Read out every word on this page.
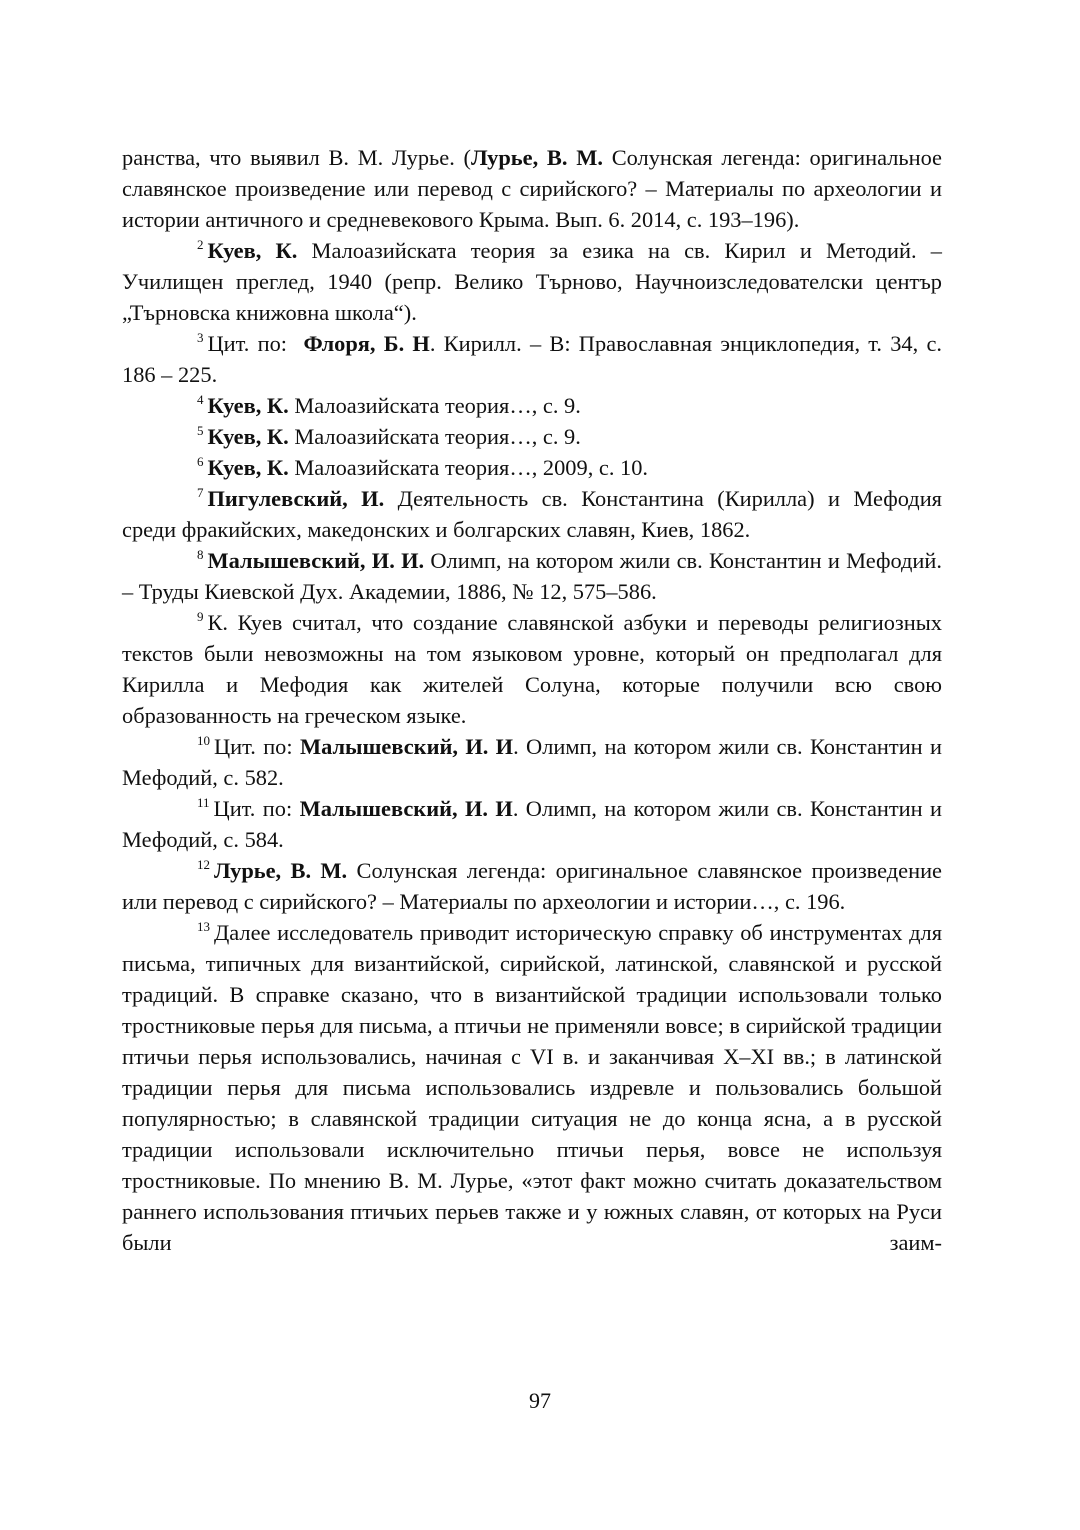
ранства, что выявил В. М. Лурье. (Лурье, В. М. Солунская легенда: оригинальное славянское произведение или перевод с сирийского? – Материалы по археологии и истории античного и средневекового Крыма. Вып. 6. 2014, с. 193–196).

$^2$ Куев, К. Малоазийската теория за езика на св. Кирил и Методий. – Училищен преглед, 1940 (репр. Велико Търново, Научноизследователски център „Търновска книжовна школа“).

$^3$ Цит. по:  Флоря, Б. Н. Кирилл. – В: Православная энциклопедия, т. 34, с. 186 – 225.

$^4$ Куев, К. Малоазийската теория…, с. 9.

$^5$ Куев, К. Малоазийската теория…, с. 9.

$^6$ Куев, К. Малоазийската теория…, 2009, с. 10.

$^7$ Пигулевский, И. Деятельность св. Константина (Кирилла) и Мефодия среди фракийских, македонских и болгарских славян, Киев, 1862.

$^8$ Малышевский, И. И. Олимп, на котором жили св. Константин и Мефодий. – Труды Киевской Дух. Академии, 1886, № 12, 575–586.

$^9$ К. Куев считал, что создание славянской азбуки и переводы религиозных текстов были невозможны на том языковом уровне, который он предполагал для Кирилла и Мефодия как жителей Солуна, которые получили всю свою образованность на греческом языке.

$^{10}$ Цит. по: Малышевский, И. И. Олимп, на котором жили св. Константин и Мефодий, с. 582.

$^{11}$ Цит. по: Малышевский, И. И. Олимп, на котором жили св. Константин и Мефодий, с. 584.

$^{12}$ Лурье, В. М. Солунская легенда: оригинальное славянское произведение или перевод с сирийского? – Материалы по археологии и истории…, с. 196.

$^{13}$ Далее исследователь приводит историческую справку об инструментах для письма, типичных для византийской, сирийской, латинской, славянской и русской традиций. В справке сказано, что в византийской традиции использовали только тростниковые перья для письма, а птичьи не применяли вовсе; в сирийской традиции птичьи перья использовались, начиная с VI в. и заканчивая X–XI вв.; в латинской традиции перья для письма использовались издревле и пользовались большой популярностью; в славянской традиции ситуация не до конца ясна, а в русской традиции использовали исключительно птичьи перья, вовсе не используя тростниковые. По мнению В. М. Лурье, «этот факт можно считать доказательством раннего использования птичьих перьев также и у южных славян, от которых на Руси были заим-

97
